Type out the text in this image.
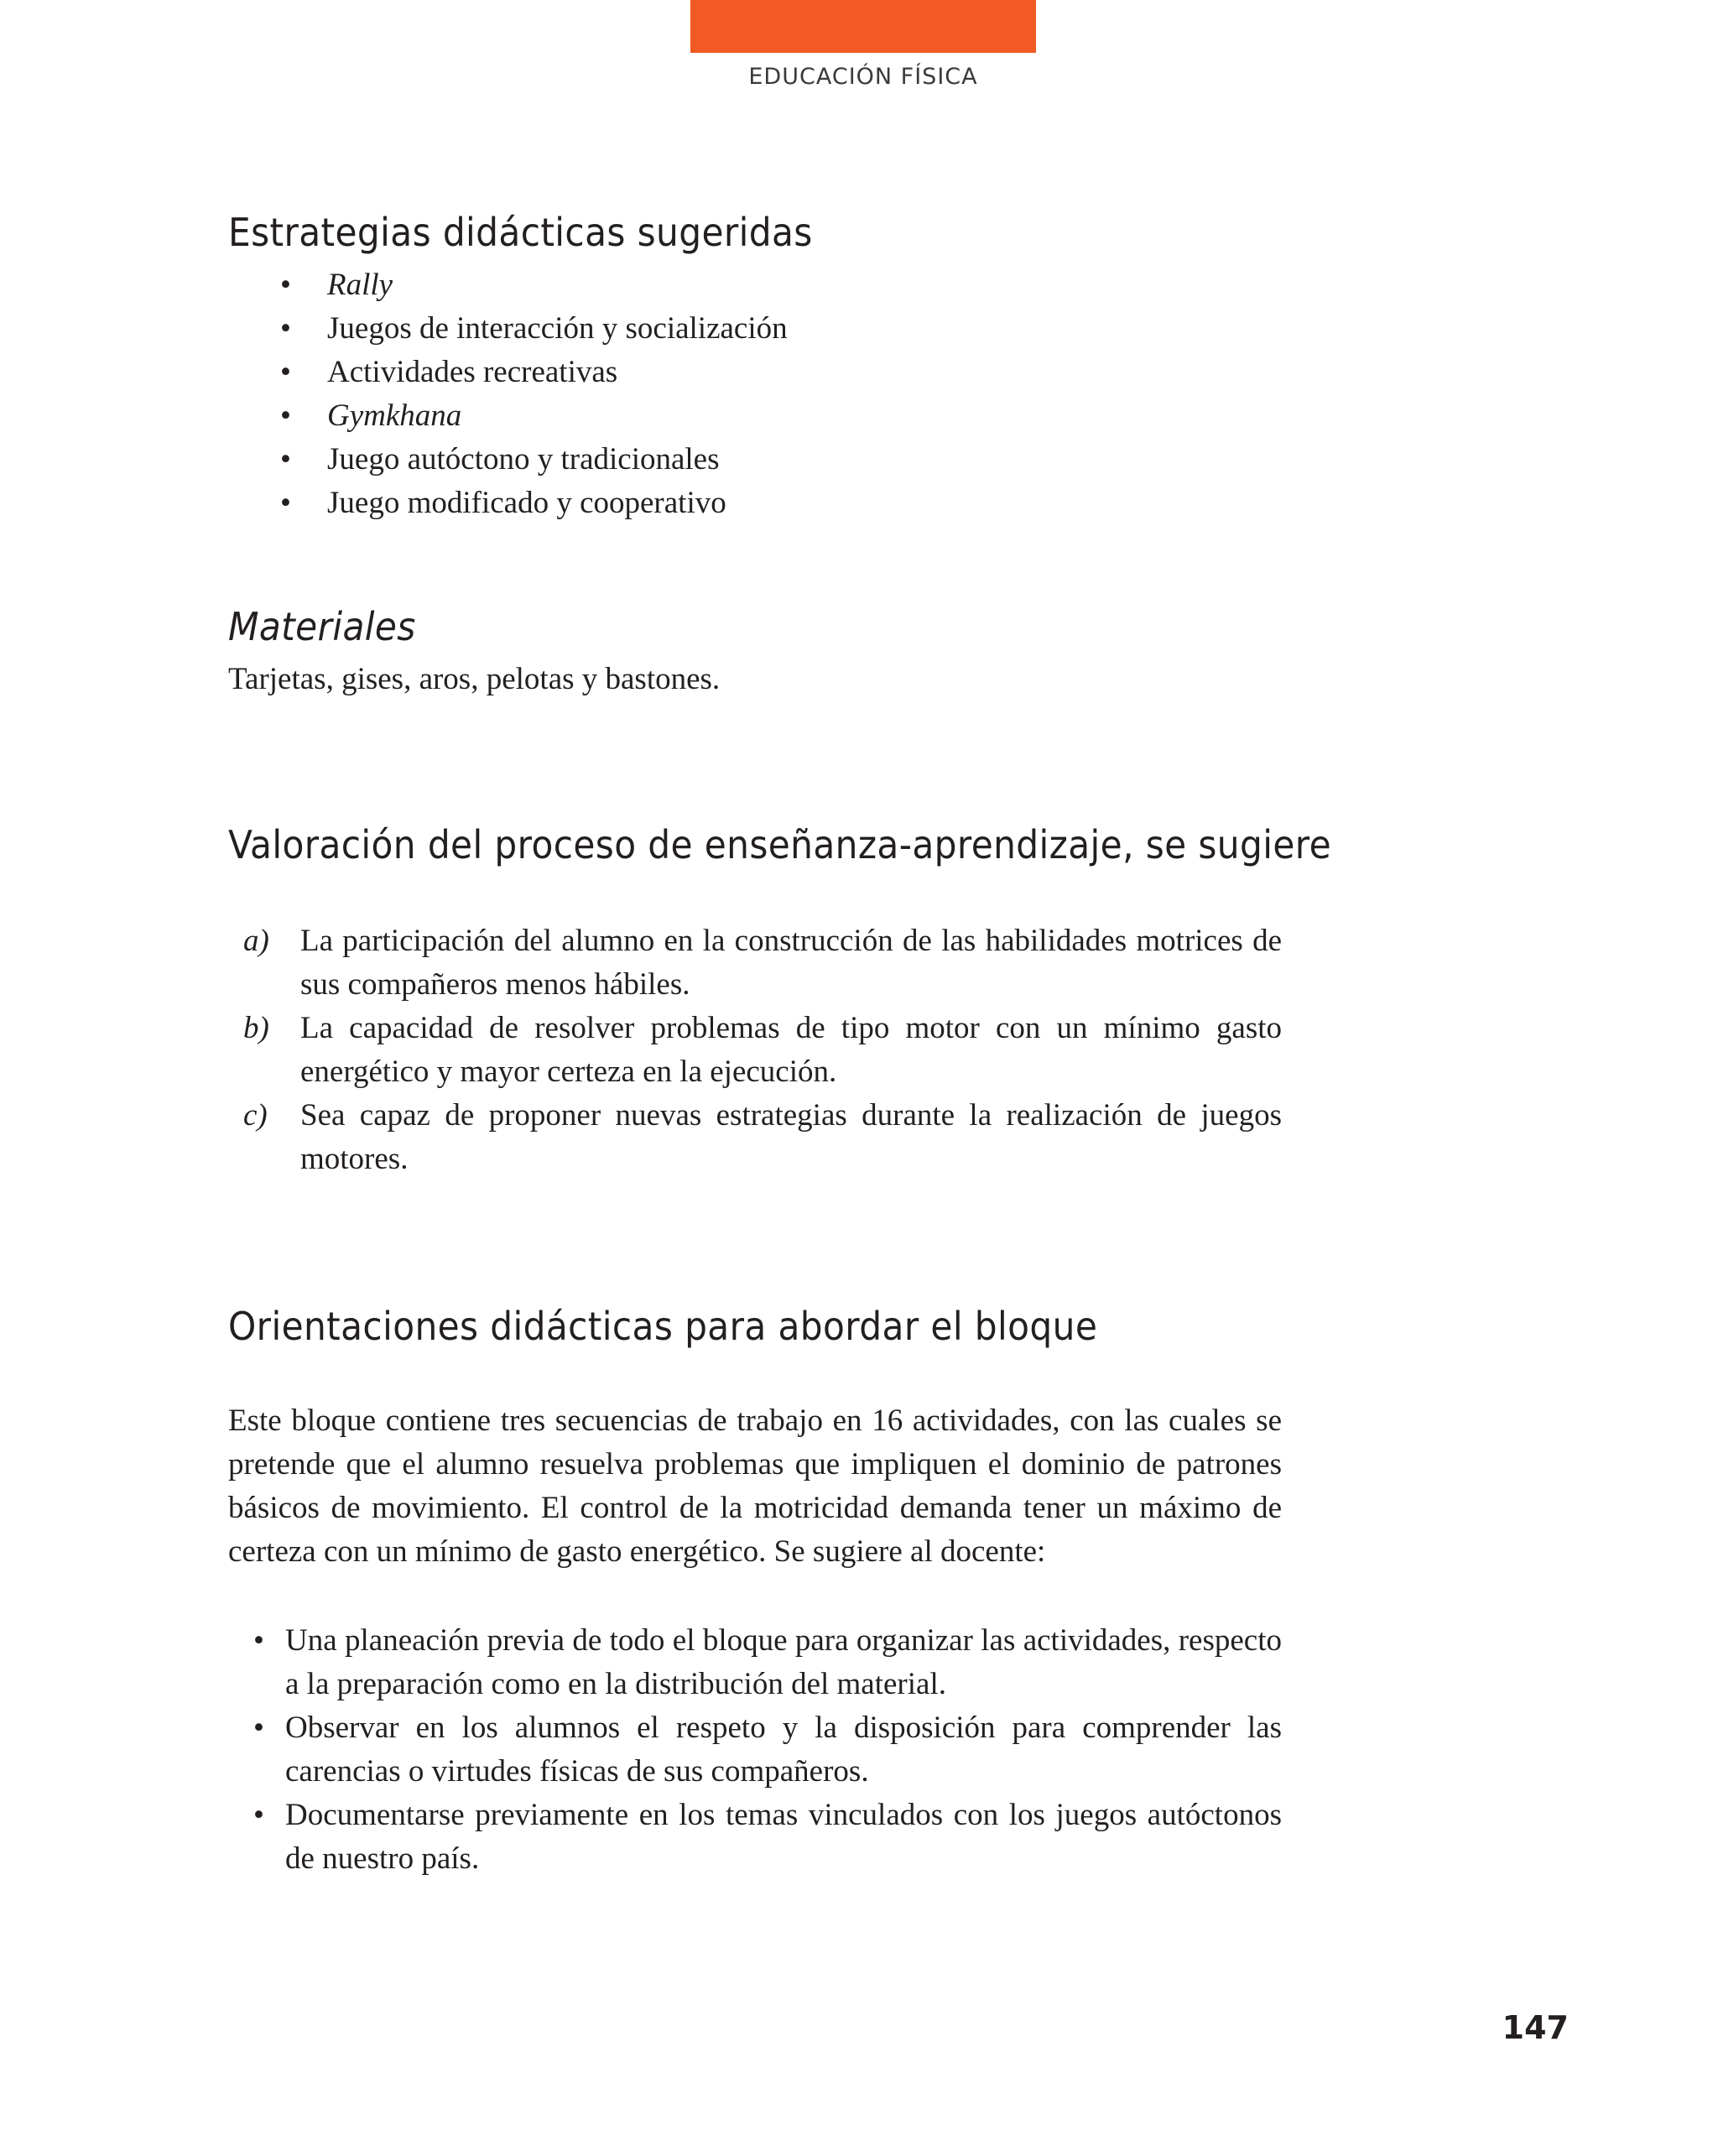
EDUCACIÓN FÍSICA
Estrategias didácticas sugeridas
• Rally
• Juegos de interacción y socialización
• Actividades recreativas
• Gymkhana
• Juego autóctono y tradicionales
• Juego modificado y cooperativo
Materiales

Tarjetas, gises, aros, pelotas y bastones.

Valoración del proceso de enseñanza-aprendizaje, se sugiere
a) La participación del alumno en la construcción de las habilidades motrices de sus compañeros menos hábiles.
b) La capacidad de resolver problemas de tipo motor con un mínimo gasto energético y mayor certeza en la ejecución.
c) Sea capaz de proponer nuevas estrategias durante la realización de juegos motores.
Orientaciones didácticas para abordar el bloque

Este bloque contiene tres secuencias de trabajo en 16 actividades, con las cuales se pretende que el alumno resuelva problemas que impliquen el dominio de patrones básicos de movimiento. El control de la motricidad demanda tener un máximo de certeza con un mínimo de gasto energético. Se sugiere al docente:

• Una planeación previa de todo el bloque para organizar las actividades, respecto a la preparación como en la distribución del material.
• Observar en los alumnos el respeto y la disposición para comprender las carencias o virtudes físicas de sus compañeros.
• Documentarse previamente en los temas vinculados con los juegos autóctonos de nuestro país.
147
